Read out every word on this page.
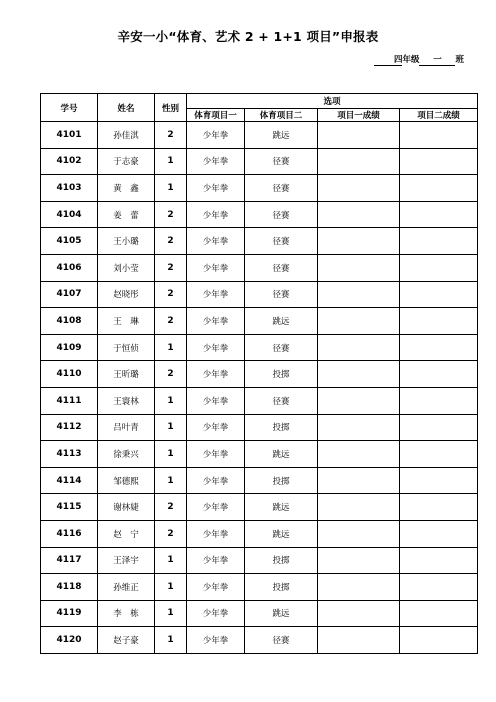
辛安一小“体育、艺术 2 + 1+1 项目”申报表
四年级 一 班
学号	姓名	性别	选项			
			体育项目一	体育项目二	项目一成绩	项目二成绩
4101	孙佳淇	2	少年拳	跳远		
4102	于志豪	1	少年拳	径赛		
4103	黄　鑫	1	少年拳	径赛		
4104	姜　蕾	2	少年拳	径赛		
4105	王小璐	2	少年拳	径赛		
4106	刘小莹	2	少年拳	径赛		
4107	赵晓彤	2	少年拳	径赛		
4108	王　琳	2	少年拳	跳远		
4109	于恒侦	1	少年拳	径赛		
4110	王昕璐	2	少年拳	投掷		
4111	王寰林	1	少年拳	径赛		
4112	吕叶青	1	少年拳	投掷		
4113	徐秉兴	1	少年拳	跳远		
4114	邹德熙	1	少年拳	投掷		
4115	谢林婕	2	少年拳	跳远		
4116	赵　宁	2	少年拳	跳远		
4117	王泽宇	1	少年拳	投掷		
4118	孙维正	1	少年拳	投掷		
4119	李　栋	1	少年拳	跳远		
4120	赵子豪	1	少年拳	径赛		
